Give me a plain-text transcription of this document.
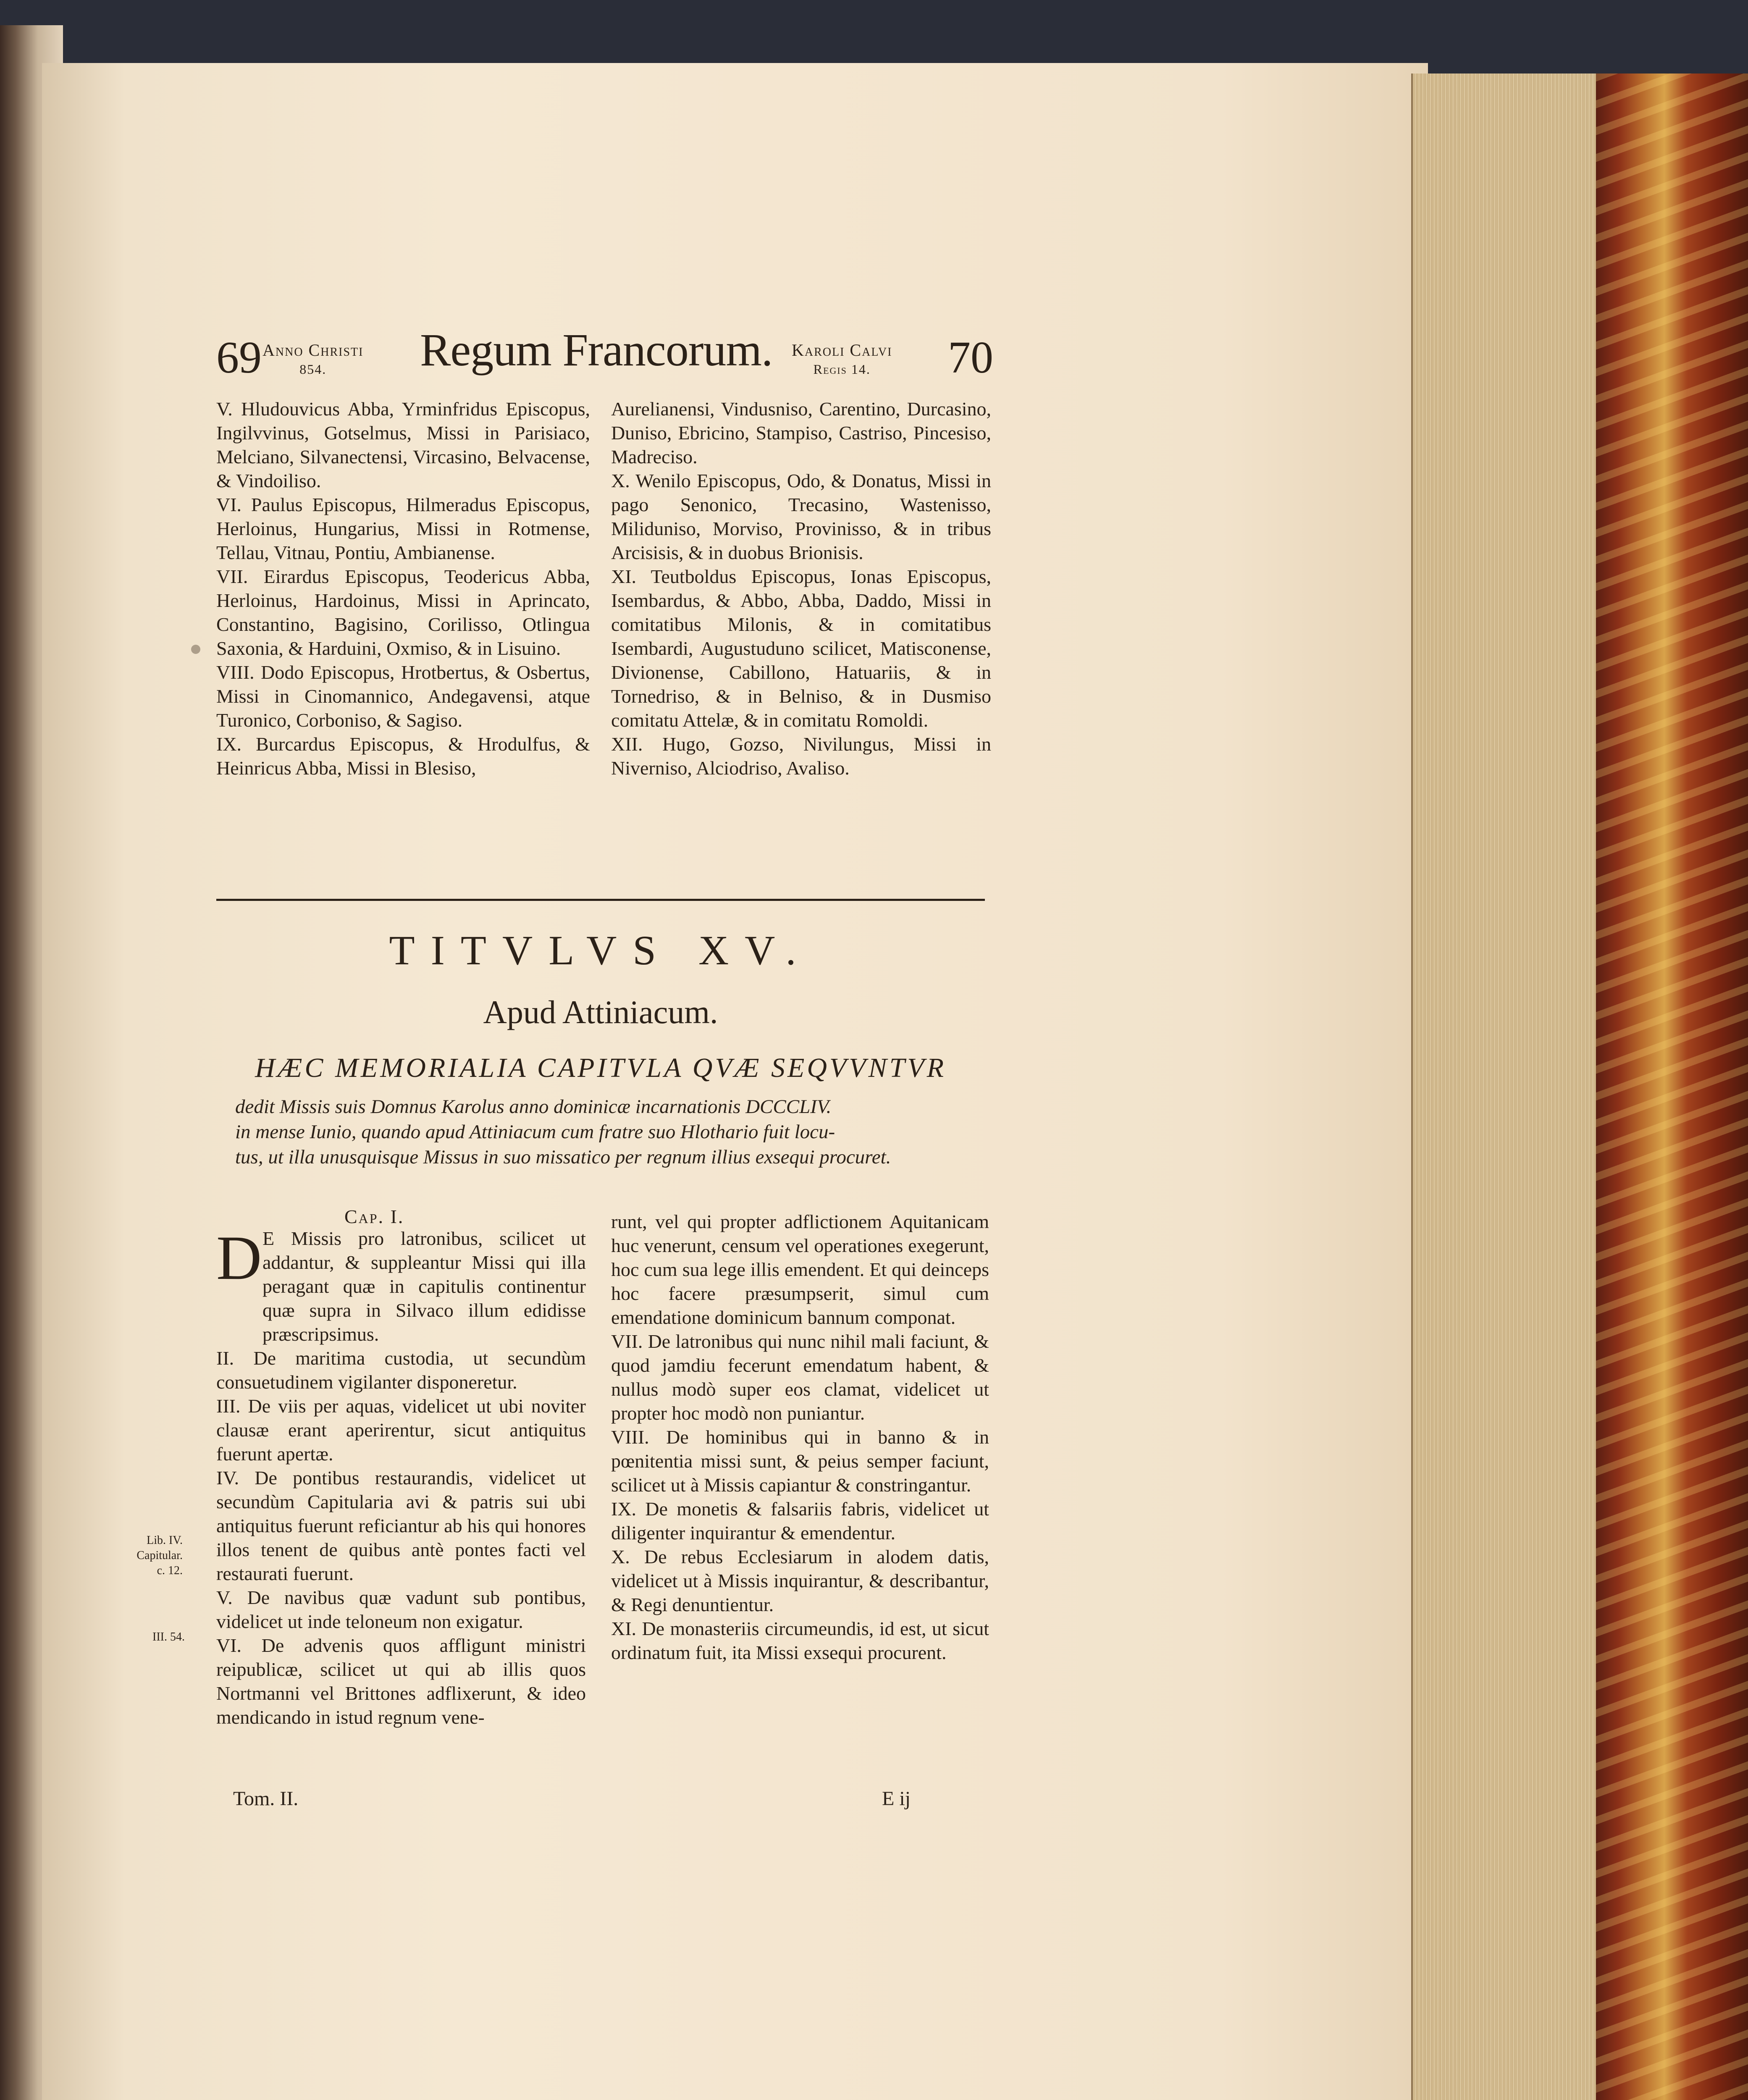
69 Anno Christi
854.	Regum Francorum. Karoli Calvi
Regis 14.	70
V. Hludouvicus Abba, Yrminfridus Episcopus, Ingilvvinus, Gotselmus, Missi in Parisiaco, Melciano, Silvanectensi, Vircasino, Belvacense, & Vindoiliso.
VI. Paulus Episcopus, Hilmeradus Episcopus, Herloinus, Hungarius, Missi in Rotmense, Tellau, Vitnau, Pontiu, Ambianense.
VII. Eirardus Episcopus, Teodericus Abba, Herloinus, Hardoinus, Missi in Aprincato, Constantino, Bagisino, Corilisso, Otlingua Saxonia, & Harduini, Oxmiso, & in Lisuino.
VIII. Dodo Episcopus, Hrotbertus, & Osbertus, Missi in Cinomannico, Andegavensi, atque Turonico, Corboniso, & Sagiso.
IX. Burcardus Episcopus, & Hrodulfus, & Heinricus Abba, Missi in Blesiso,
Aurelianensi, Vindusniso, Carentino, Durcasino, Duniso, Ebricino, Stampiso, Castriso, Pincesiso, Madreciso.
X. Wenilo Episcopus, Odo, & Donatus, Missi in pago Senonico, Trecasino, Wastenisso, Miliduniso, Morviso, Provinisso, & in tribus Arcisisis, & in duobus Brionisis.
XI. Teutboldus Episcopus, Ionas Episcopus, Isembardus, & Abbo, Abba, Daddo, Missi in comitatibus Milonis, & in comitatibus Isembardi, Augustuduno scilicet, Matisconense, Divionense, Cabillono, Hatuariis, & in Tornedriso, & in Belniso, & in Dusmiso comitatu Attelæ, & in comitatu Romoldi.
XII. Hugo, Gozso, Nivilungus, Missi in Niverniso, Alciodriso, Avaliso.
TITVLVS XV.
Apud Attiniacum.
HÆC MEMORIALIA CAPITVLA QVÆ SEQVVNTVR
dedit Missis suis Domnus Karolus anno dominicæ incarnationis DCCCLIV.
in mense Iunio, quando apud Attiniacum cum fratre suo Hlothario fuit locu-
tus, ut illa unusquisque Missus in suo missatico per regnum illius exsequi procuret.
Cap. I.
D E Missis pro latronibus, scilicet ut addantur, & suppleantur Missi qui illa peragant quæ in capitulis continentur quæ supra in Silvaco illum edidisse præscripsimus.
II. De maritima custodia, ut secundùm consuetudinem vigilanter disponeretur.
III. De viis per aquas, videlicet ut ubi noviter clausæ erant aperirentur, sicut antiquitus fuerunt apertæ.
IV. De pontibus restaurandis, videlicet ut secundùm Capitularia avi & patris sui ubi antiquitus fuerunt reficiantur ab his qui honores illos tenent de quibus antè pontes facti vel restaurati fuerunt.
V. De navibus quæ vadunt sub pontibus, videlicet ut inde teloneum non exigatur.
VI. De advenis quos affligunt ministri reipublicæ, scilicet ut qui ab illis quos Nortmanni vel Brittones adflixerunt, & ideo mendicando in istud regnum vene-
runt, vel qui propter adflictionem Aquitanicam huc venerunt, censum vel operationes exegerunt, hoc cum sua lege illis emendent. Et qui deinceps hoc facere præsumpserit, simul cum emendatione dominicum bannum componat.
VII. De latronibus qui nunc nihil mali faciunt, & quod jamdiu fecerunt emendatum habent, & nullus modò super eos clamat, videlicet ut propter hoc modò non puniantur.
VIII. De hominibus qui in banno & in pœnitentia missi sunt, & peius semper faciunt, scilicet ut à Missis capiantur & constringantur.
IX. De monetis & falsariis fabris, videlicet ut diligenter inquirantur & emendentur.
X. De rebus Ecclesiarum in alodem datis, videlicet ut à Missis inquirantur, & describantur, & Regi denuntientur.
XI. De monasteriis circumeundis, id est, ut sicut ordinatum fuit, ita Missi exsequi procurent.
Lib. IV. Capitular. c. 12.
III. 54.
Tom. II.	E ij
